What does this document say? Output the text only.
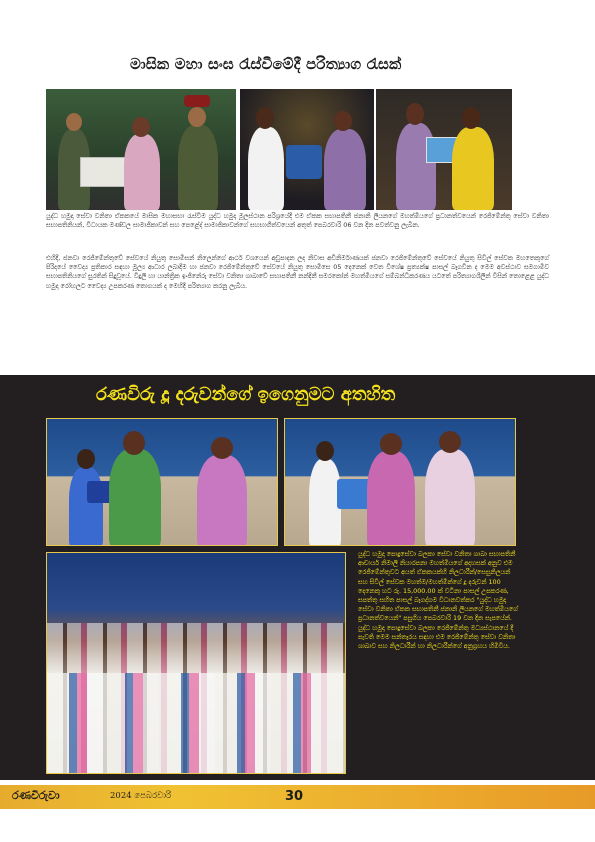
මාසික මහා සංඝ රැස්වීමේදී පරිත්‍යාග රැසක්
යුද්ධ හමුදා සේවා වනිතා ඒකකයේ මාසික මහාසභා රැස්වීම යුද්ධ හමුදා මූලස්ථාන පරිශ්‍රයේදී එම ඒකක සභාපතිනී ජනානි ලියනගේ මහත්මියගේ ප්‍රධානත්වයෙන් රෙජිමේන්තු සේවා වනිතා සභාපතිනියන්, විධායක මණ්ඩල සාමාජිකාවන් සහ පෙළේද් සාමාජිකාවන්ගේ සහභාගීත්වයෙන් අතුත් පෙබරවාරි 06 වන දින පවත්වනු ලැබින.
එහිදී, ජනවා රෙජිමේන්තුවේ සේවයේ නියුතු සොමිසන් නිලෙන්ගේ ආර්ථ වශයෙන් අඩුපාදන ලද නිවාස අඩිනිර්මාණයක් ජනවා රෙජිමේන්තුවේ සේවයේ නියුතු සිවිල් සේවක මහතෙකුගේ පිරිදයේ වෛද්‍ය ප්‍රතිකාර සඳහා මූල්‍ය ආධාර ලබාදීම හා ජනවා රෙජිමේන්තුවේ සේවයේ නියුතු සොමිසෙ 05 දෙනෙක් වෙත විශේෂ ප්‍රත්‍යක්ෂ පාසල් බෑගවින ද මෙම අවස්ථාව සමගාමීව සභාපතිනියගේ සුරතින් සිදුවූයේ. විදුලි හා යාන්ත්‍රික ඉංජිනේරු සේවා වනිතා ශාඛාවේ සභාපතිනී නන්දිනී සමරකෝන් මහත්මියගේ සම්බන්ධීකරණය යටතේ පරිත්‍යාගශීලින් විසින් තොළෙළ යුද්ධ හමුදා රෝහලට වෛද්‍ය උපකරණ තොගයක් ද මෙහිදී පරිත්‍යාග කරනු ලැබීය.
රණවිරු දූ දරුවන්ගේ ඉගෙනුමට අතහිත
යුද්ධ හමුදා පොදුසේවා බලකා සේවා වනිතා ශාඛා සභාපතිනී ආචාර්ය නිමාලි නියාරපනා මහත්මියගේ අදහසක් අනුව එම රෙජිමේන්තුවට අයත් ඒකකයක්හි නිලධාරීන්/සෙසුනිලයන් සහ සිවිල් සේවක මහත්ම/මහත්මීන්ගේ දූ දරුවන් 100 දෙනෙකු හට රු. 15,000.00 ක් වටිනා පාසල් උපකරණ, සපත්තු සහිත පාසල් බෑගද්ගම විධානවත්කර "යුද්ධ හමුදා සේවා වනිතා ඒකක සභාපතිනී ජනානි ලියනගේ මහත්මියගේ ප්‍රධානත්වයෙන්" පසුගිය පෙබරවාරි 19 වන දින සැපයේන්. යුද්ධ හමුදා පොදුසේවා බලකා රෙජිමේන්තු මධ්‍යස්ථානයේ දී පැවති මෙම සන්තෑරය සඳහා එම රෙජිමේන්තු සේවා වනිතා ශාඛාව සහ නිලධාරීන් හා නිලධාරීන්ගේ අනුග්‍රහය හිමිවිය.
රණවිරුවා	2024 පෙබරවාරි	30
